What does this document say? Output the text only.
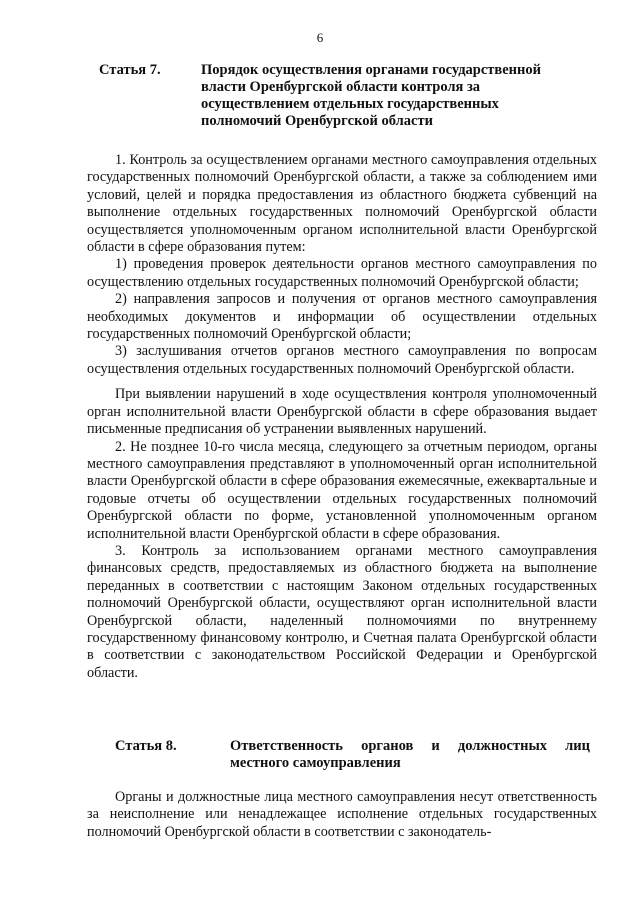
6
Статья 7.	Порядок осуществления органами государственной власти Оренбургской области контроля за осуществлением отдельных государственных полномочий Оренбургской области

1. Контроль за осуществлением органами местного самоуправления отдельных государственных полномочий Оренбургской области, а также за соблюдением ими условий, целей и порядка предоставления из областного бюджета субвенций на выполнение отдельных государственных полномочий Оренбургской области осуществляется уполномоченным органом исполнительной власти Оренбургской области в сфере образования путем:

1) проведения проверок деятельности органов местного самоуправления по осуществлению отдельных государственных полномочий Оренбургской области;

2) направления запросов и получения от органов местного самоуправления необходимых документов и информации об осуществлении отдельных государственных полномочий Оренбургской области;

3) заслушивания отчетов органов местного самоуправления по вопросам осуществления отдельных государственных полномочий Оренбургской области.

При выявлении нарушений в ходе осуществления контроля уполномоченный орган исполнительной власти Оренбургской области в сфере образования выдает письменные предписания об устранении выявленных нарушений.

2. Не позднее 10-го числа месяца, следующего за отчетным периодом, органы местного самоуправления представляют в уполномоченный орган исполнительной власти Оренбургской области в сфере образования ежемесячные, ежеквартальные и годовые отчеты об осуществлении отдельных государственных полномочий Оренбургской области по форме, установленной уполномоченным органом исполнительной власти Оренбургской области в сфере образования.

3. Контроль за использованием органами местного самоуправления финансовых средств, предоставляемых из областного бюджета на выполнение переданных в соответствии с настоящим Законом отдельных государственных полномочий Оренбургской области, осуществляют орган исполнительной власти Оренбургской области, наделенный полномочиями по внутреннему государственному финансовому контролю, и Счетная палата Оренбургской области в соответствии с законодательством Российской Федерации и Оренбургской области.

Статья 8.	Ответственность органов и должностных лиц местного самоуправления

Органы и должностные лица местного самоуправления несут ответственность за неисполнение или ненадлежащее исполнение отдельных государственных полномочий Оренбургской области в соответствии с законодатель-
